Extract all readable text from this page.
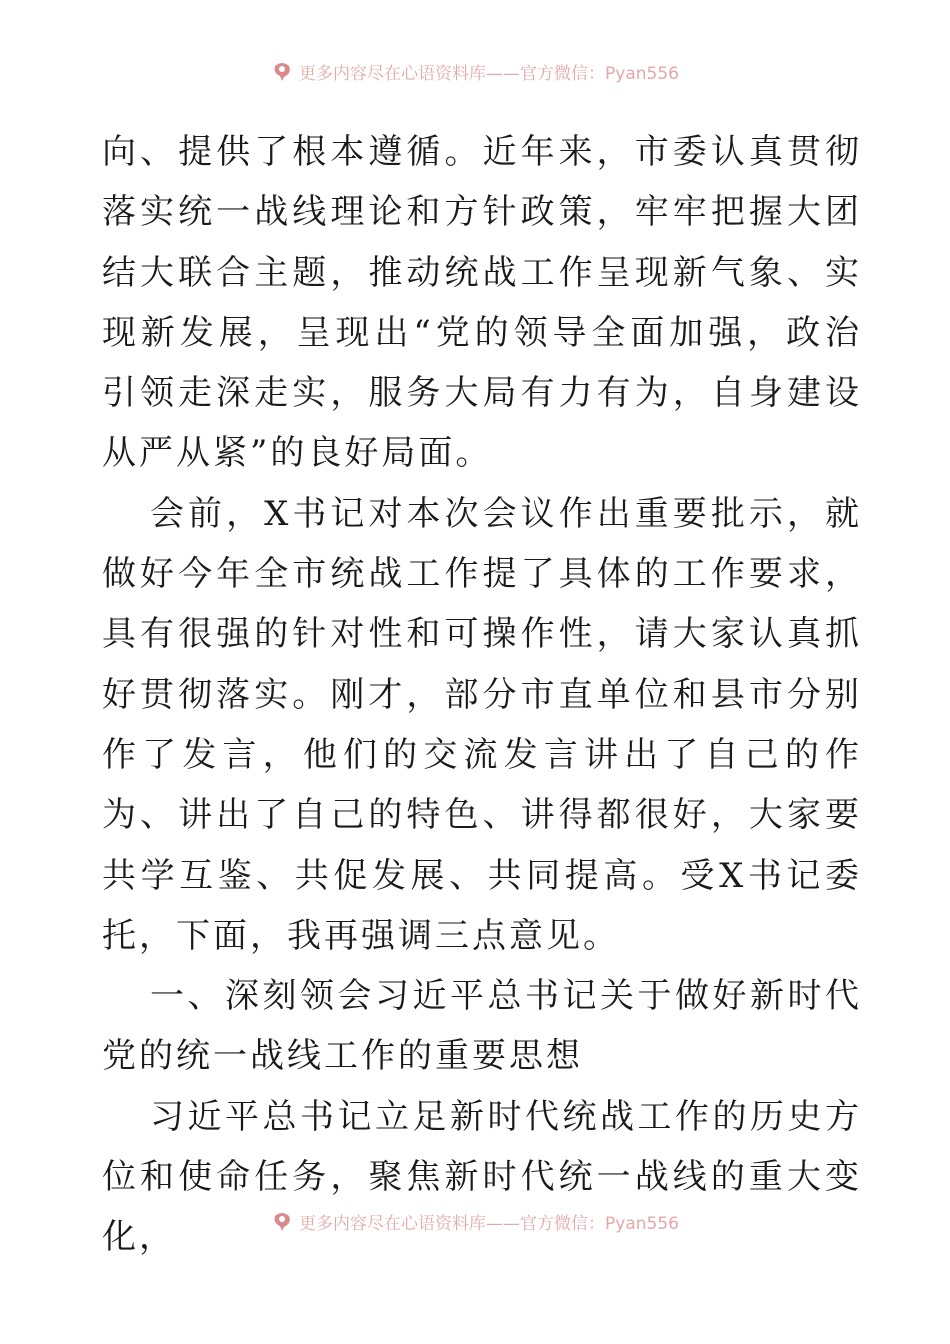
更多内容尽在心语资料库——官方微信：Pyan556

向、提供了根本遵循。近年来，市委认真贯彻落实统一战线理论和方针政策，牢牢把握大团结大联合主题，推动统战工作呈现新气象、实现新发展，呈现出“党的领导全面加强，政治引领走深走实，服务大局有力有为，自身建设从严从紧”的良好局面。

会前，X书记对本次会议作出重要批示，就做好今年全市统战工作提了具体的工作要求，具有很强的针对性和可操作性，请大家认真抓好贯彻落实。刚才，部分市直单位和县市分别作了发言，他们的交流发言讲出了自己的作为、讲出了自己的特色、讲得都很好，大家要共学互鉴、共促发展、共同提高。受X书记委托，下面，我再强调三点意见。

一、深刻领会习近平总书记关于做好新时代党的统一战线工作的重要思想

习近平总书记立足新时代统战工作的历史方位和使命任务，聚焦新时代统一战线的重大变化，	更多内容尽在心语资料库——官方微信：Pyan556
